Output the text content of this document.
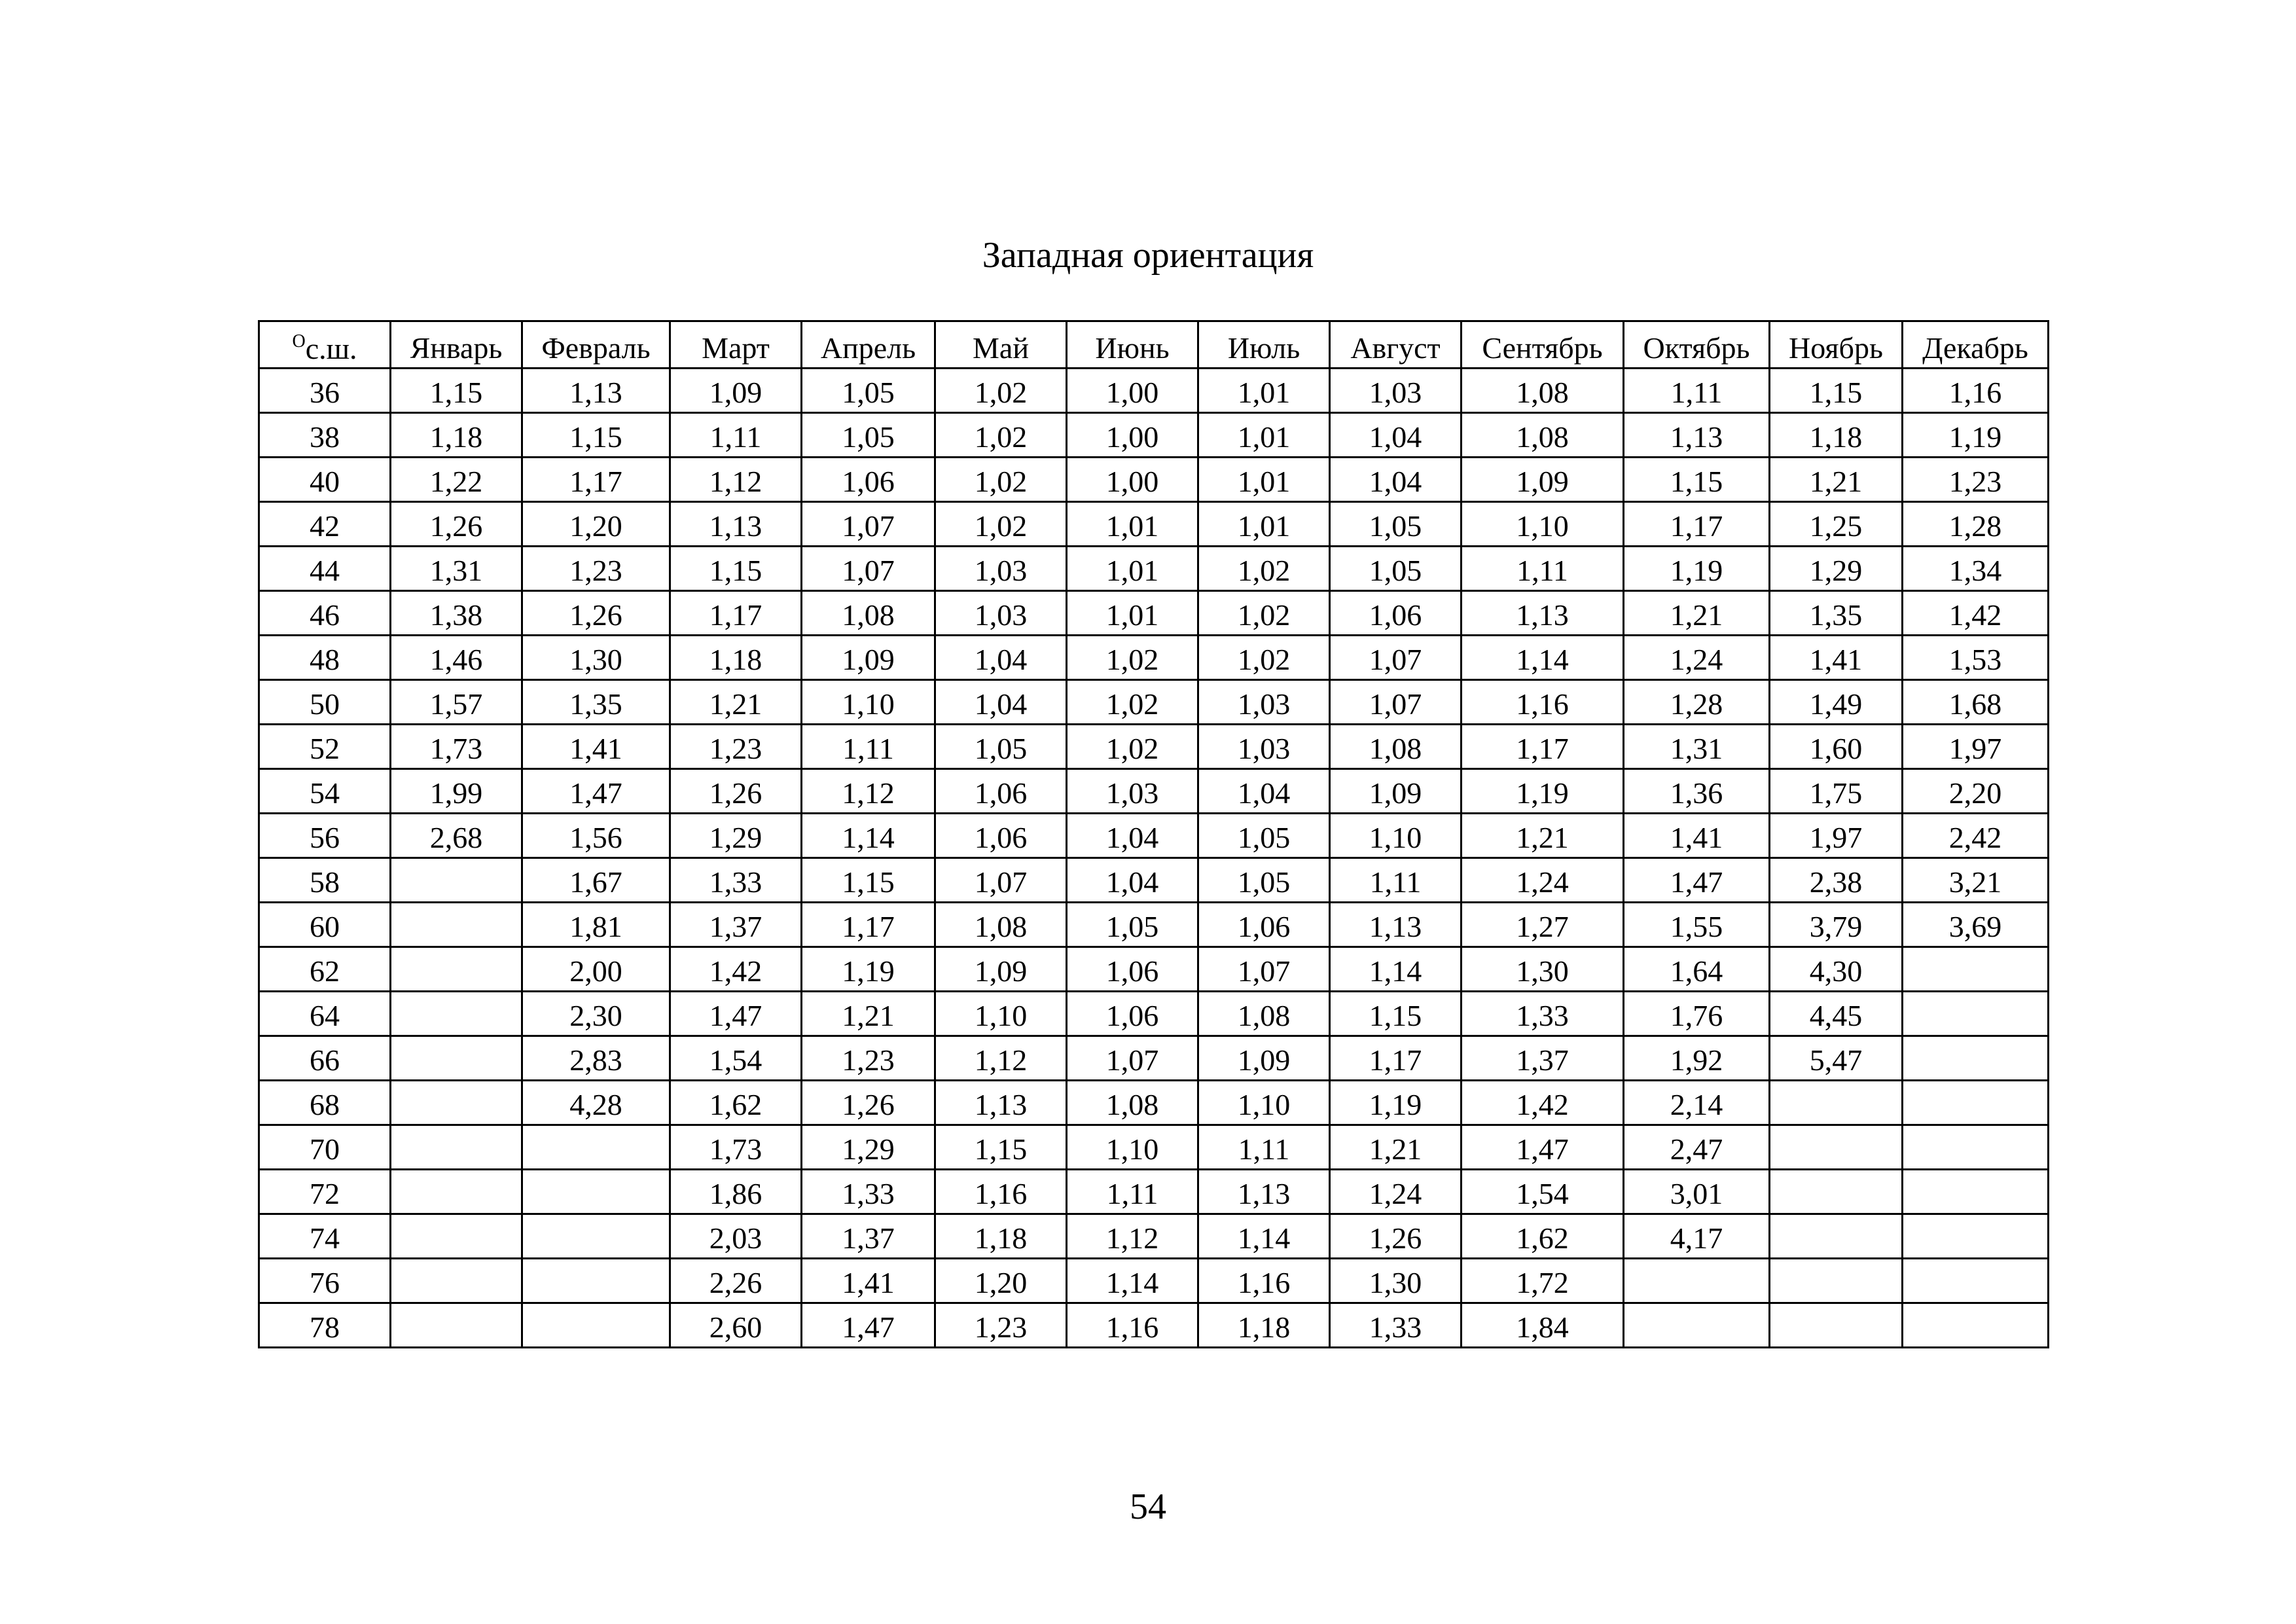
Западная ориентация
$^O$с.ш.	Январь	Февраль	Март	Апрель	Май	Июнь	Июль	Август	Сентябрь	Октябрь	Ноябрь	Декабрь
36	1,15	1,13	1,09	1,05	1,02	1,00	1,01	1,03	1,08	1,11	1,15	1,16
38	1,18	1,15	1,11	1,05	1,02	1,00	1,01	1,04	1,08	1,13	1,18	1,19
40	1,22	1,17	1,12	1,06	1,02	1,00	1,01	1,04	1,09	1,15	1,21	1,23
42	1,26	1,20	1,13	1,07	1,02	1,01	1,01	1,05	1,10	1,17	1,25	1,28
44	1,31	1,23	1,15	1,07	1,03	1,01	1,02	1,05	1,11	1,19	1,29	1,34
46	1,38	1,26	1,17	1,08	1,03	1,01	1,02	1,06	1,13	1,21	1,35	1,42
48	1,46	1,30	1,18	1,09	1,04	1,02	1,02	1,07	1,14	1,24	1,41	1,53
50	1,57	1,35	1,21	1,10	1,04	1,02	1,03	1,07	1,16	1,28	1,49	1,68
52	1,73	1,41	1,23	1,11	1,05	1,02	1,03	1,08	1,17	1,31	1,60	1,97
54	1,99	1,47	1,26	1,12	1,06	1,03	1,04	1,09	1,19	1,36	1,75	2,20
56	2,68	1,56	1,29	1,14	1,06	1,04	1,05	1,10	1,21	1,41	1,97	2,42
58		1,67	1,33	1,15	1,07	1,04	1,05	1,11	1,24	1,47	2,38	3,21
60		1,81	1,37	1,17	1,08	1,05	1,06	1,13	1,27	1,55	3,79	3,69
62		2,00	1,42	1,19	1,09	1,06	1,07	1,14	1,30	1,64	4,30	
64		2,30	1,47	1,21	1,10	1,06	1,08	1,15	1,33	1,76	4,45	
66		2,83	1,54	1,23	1,12	1,07	1,09	1,17	1,37	1,92	5,47	
68		4,28	1,62	1,26	1,13	1,08	1,10	1,19	1,42	2,14		
70			1,73	1,29	1,15	1,10	1,11	1,21	1,47	2,47		
72			1,86	1,33	1,16	1,11	1,13	1,24	1,54	3,01		
74			2,03	1,37	1,18	1,12	1,14	1,26	1,62	4,17		
76			2,26	1,41	1,20	1,14	1,16	1,30	1,72			
78			2,60	1,47	1,23	1,16	1,18	1,33	1,84			
54
